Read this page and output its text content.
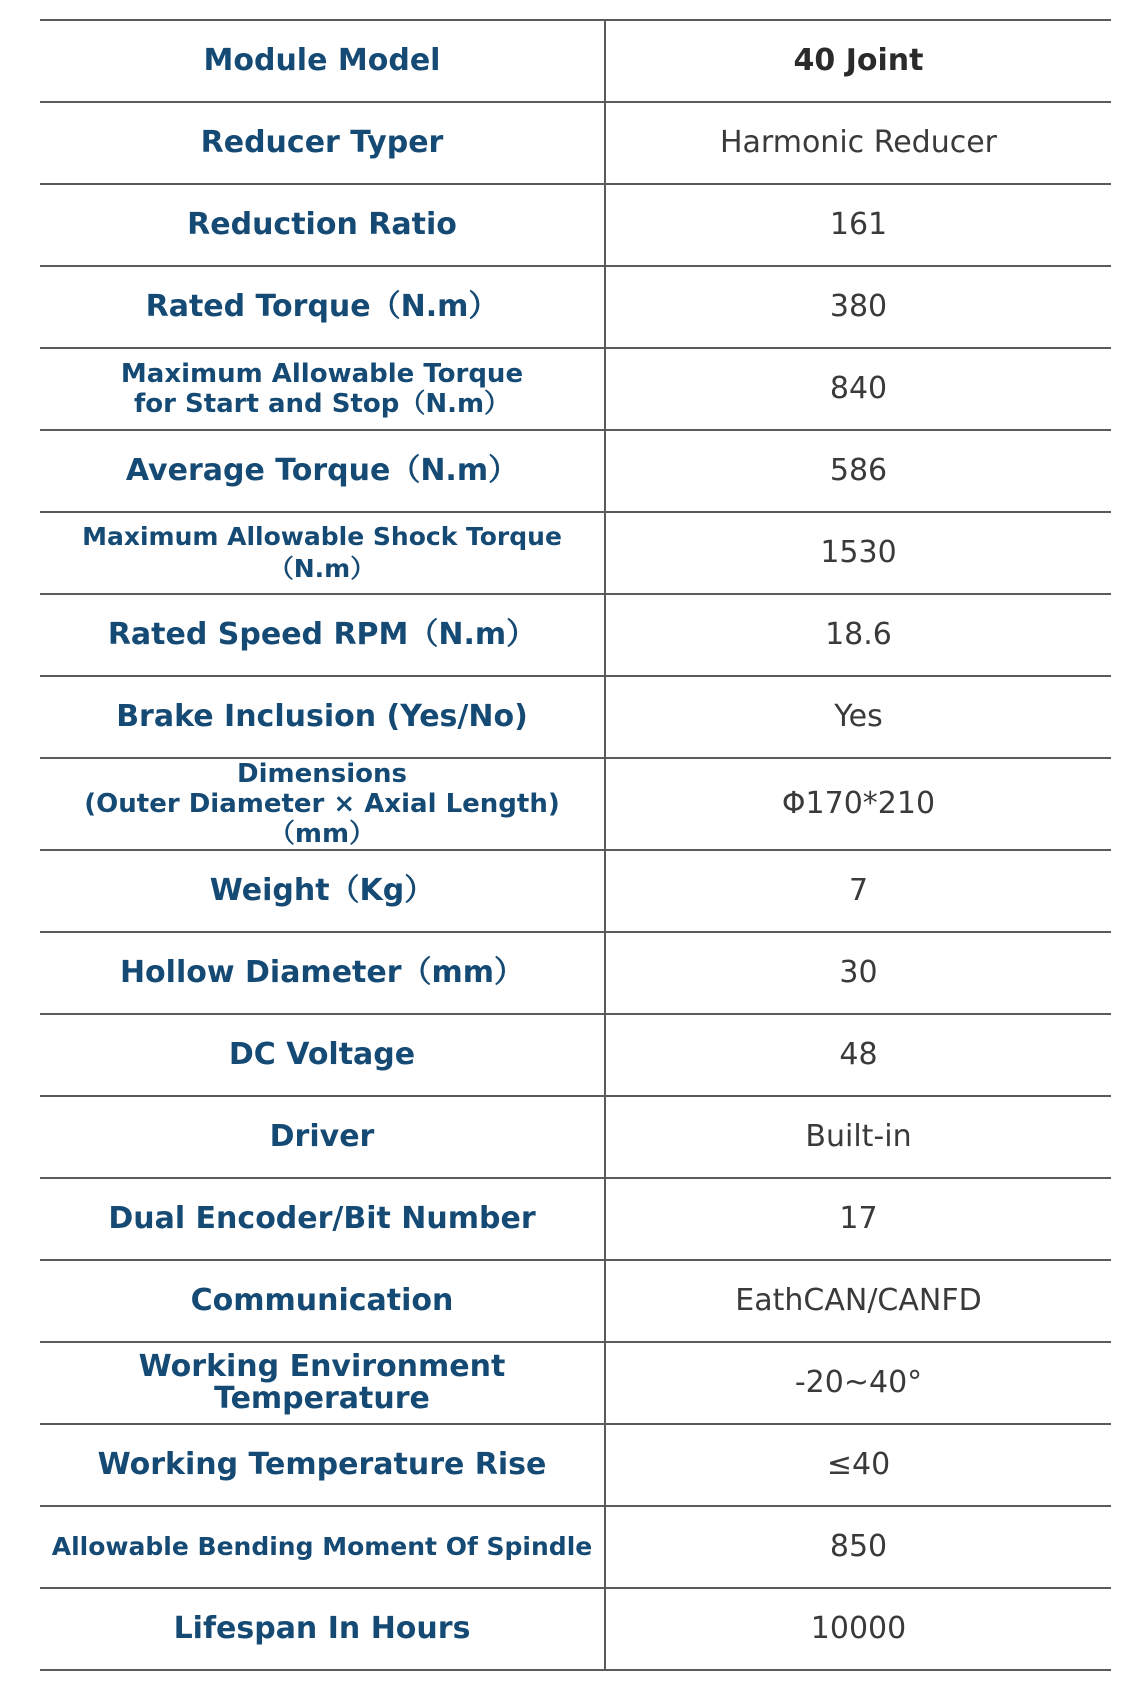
Module Model	40 Joint
Reducer Typer	Harmonic Reducer
Reduction Ratio	161
Rated Torque（N.m）	380

Maximum Allowable Torque
for Start and Stop（N.m）	840
Average Torque（N.m）	586
Maximum Allowable Shock Torque（N.m）	1530
Rated Speed RPM（N.m）	18.6
Brake Inclusion (Yes/No)	Yes

Dimensions
(Outer Diameter × Axial Length)（mm）	Φ170*210
Weight（Kg）	7
Hollow Diameter（mm）	30
DC Voltage	48
Driver	Built-in
Dual Encoder/Bit Number	17
Communication	EathCAN/CANFD
Working Environment Temperature	-20~40°
Working Temperature Rise	≤40
Allowable Bending Moment Of Spindle	850
Lifespan In Hours	10000
